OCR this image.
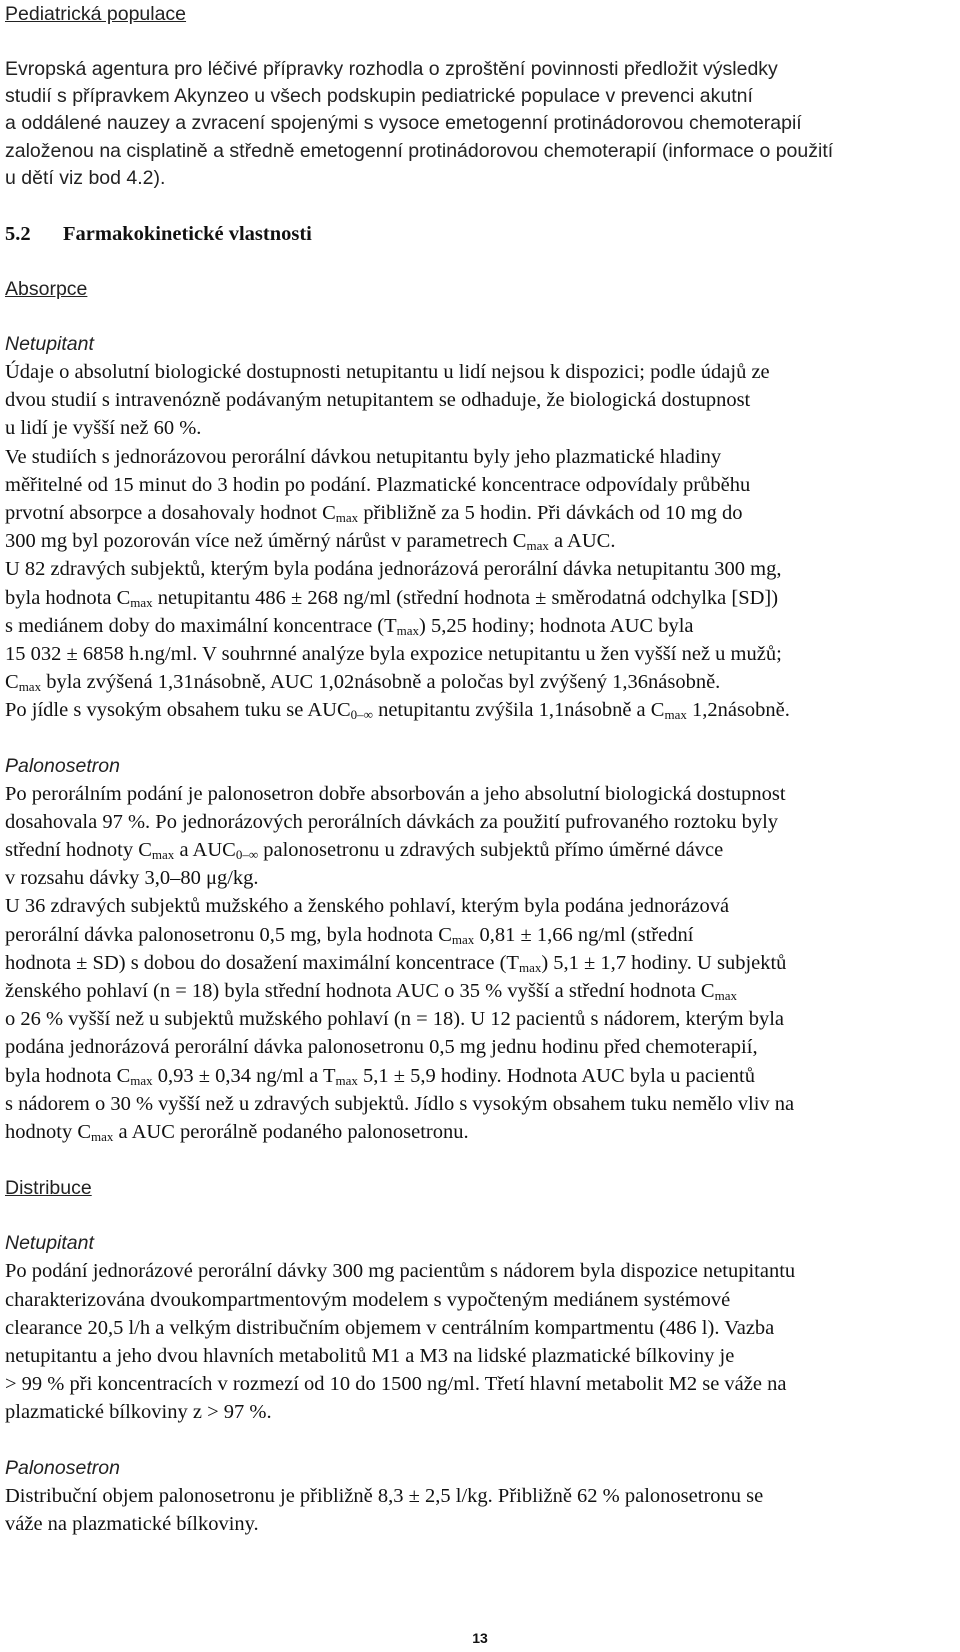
Pediatrická populace

Evropská agentura pro léčivé přípravky rozhodla o zproštění povinnosti předložit výsledky
studií s přípravkem Akynzeo u všech podskupin pediatrické populace v prevenci akutní
a oddálené nauzey a zvracení spojenými s vysoce emetogenní protinádorovou chemoterapií
založenou na cisplatině a středně emetogenní protinádorovou chemoterapií (informace o použití
u dětí viz bod 4.2).

5.2 Farmakokinetické vlastnosti

Absorpce

Netupitant

Údaje o absolutní biologické dostupnosti netupitantu u lidí nejsou k dispozici; podle údajů ze
dvou studií s intravenózně podávaným netupitantem se odhaduje, že biologická dostupnost
u lidí je vyšší než 60 %.

Ve studiích s jednorázovou perorální dávkou netupitantu byly jeho plazmatické hladiny
měřitelné od 15 minut do 3 hodin po podání. Plazmatické koncentrace odpovídaly průběhu
prvotní absorpce a dosahovaly hodnot $C_{max}$ přibližně za 5 hodin. Při dávkách od 10 mg do
300 mg byl pozorován více než úměrný nárůst v parametrech $C_{max}$ a AUC.

U 82 zdravých subjektů, kterým byla podána jednorázová perorální dávka netupitantu 300 mg,
byla hodnota $C_{max}$ netupitantu 486 ± 268 ng/ml (střední hodnota ± směrodatná odchylka [SD])
s mediánem doby do maximální koncentrace $(T_{max})$ 5,25 hodiny; hodnota AUC byla
15 032 ± 6858 h.ng/ml. V souhrnné analýze byla expozice netupitantu u žen vyšší než u mužů;
$C_{max}$ byla zvýšená 1,31násobně, AUC 1,02násobně a poločas byl zvýšený 1,36násobně.

Po jídle s vysokým obsahem tuku se $AUC_{0-\infty}$ netupitantu zvýšila 1,1násobně a $C_{max}$ 1,2násobně.

Palonosetron

Po perorálním podání je palonosetron dobře absorbován a jeho absolutní biologická dostupnost
dosahovala 97 %. Po jednorázových perorálních dávkách za použití pufrovaného roztoku byly
střední hodnoty $C_{max}$ a $AUC_{0-\infty}$ palonosetronu u zdravých subjektů přímo úměrné dávce
v rozsahu dávky 3,0–80 μg/kg.

U 36 zdravých subjektů mužského a ženského pohlaví, kterým byla podána jednorázová
perorální dávka palonosetronu 0,5 mg, byla hodnota $C_{max}$ 0,81 ± 1,66 ng/ml (střední
hodnota ± SD) s dobou do dosažení maximální koncentrace $(T_{max}) 5,1 \pm 1,7$ hodiny. U subjektů
ženského pohlaví (n = 18) byla střední hodnota AUC o 35 % vyšší a střední hodnota $C_{max}$
o 26 % vyšší než u subjektů mužského pohlaví (n = 18). U 12 pacientů s nádorem, kterým byla
podána jednorázová perorální dávka palonosetronu 0,5 mg jednu hodinu před chemoterapií,
byla hodnota $C_{max}$ 0,93 ± 0,34 ng/ml a $T_{max}$ 5,1 ± 5,9 hodiny. Hodnota AUC byla u pacientů
s nádorem o 30 % vyšší než u zdravých subjektů. Jídlo s vysokým obsahem tuku nemělo vliv na
hodnoty $C_{max}$ a AUC perorálně podaného palonosetronu.

Distribuce

Netupitant

Po podání jednorázové perorální dávky 300 mg pacientům s nádorem byla dispozice netupitantu
charakterizována dvoukompartmentovým modelem s vypočteným mediánem systémové
clearance 20,5 l/h a velkým distribučním objemem v centrálním kompartmentu (486 l). Vazba
netupitantu a jeho dvou hlavních metabolitů M1 a M3 na lidské plazmatické bílkoviny je
> 99 % při koncentracích v rozmezí od 10 do 1500 ng/ml. Třetí hlavní metabolit M2 se váže na
plazmatické bílkoviny z > 97 %.

Palonosetron

Distribuční objem palonosetronu je přibližně 8,3 ± 2,5 l/kg. Přibližně 62 % palonosetronu se
váže na plazmatické bílkoviny.

13
